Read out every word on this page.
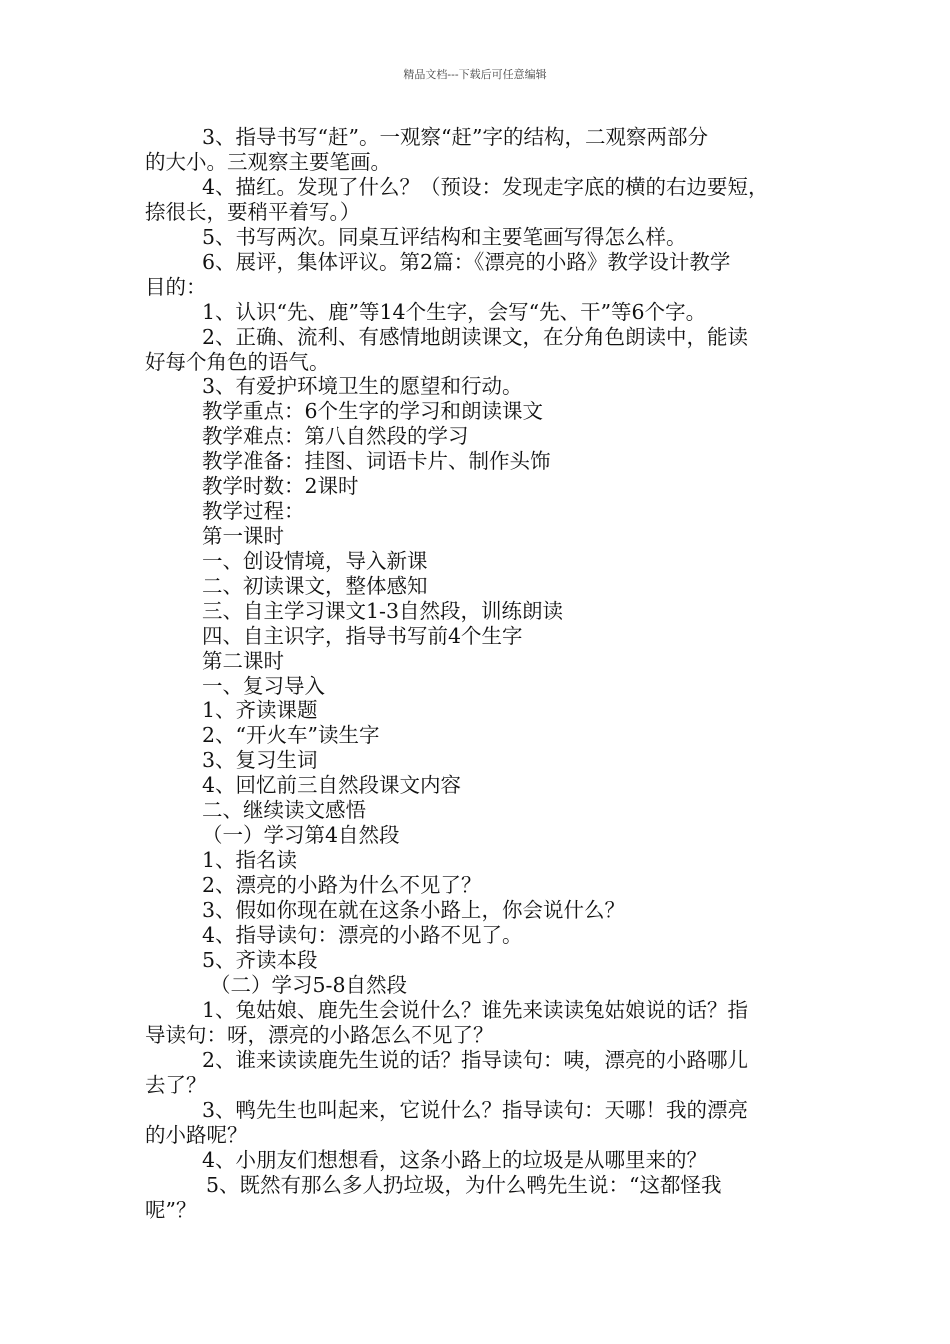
精品文档---下载后可任意编辑
3、指导书写“赶”。一观察“赶”字的结构，二观察两部分
的大小。三观察主要笔画。
4、描红。发现了什么？（预设：发现走字底的横的右边要短，
捺很长，要稍平着写。）
5、书写两次。同桌互评结构和主要笔画写得怎么样。
6、展评，集体评议。第2篇：《漂亮的小路》教学设计教学
目的：
1、认识“先、鹿”等14个生字，会写“先、干”等6个字。
2、正确、流利、有感情地朗读课文，在分角色朗读中，能读
好每个角色的语气。
3、有爱护环境卫生的愿望和行动。
教学重点：6个生字的学习和朗读课文
教学难点：第八自然段的学习
教学准备：挂图、词语卡片、制作头饰
教学时数：2课时
教学过程：
第一课时
一、创设情境，导入新课
二、初读课文，整体感知
三、自主学习课文1-3自然段，训练朗读
四、自主识字，指导书写前4个生字
第二课时
一、复习导入
1、齐读课题
2、“开火车”读生字
3、复习生词
4、回忆前三自然段课文内容
二、继续读文感悟
（一）学习第4自然段
1、指名读
2、漂亮的小路为什么不见了？
3、假如你现在就在这条小路上，你会说什么？
4、指导读句：漂亮的小路不见了。
5、齐读本段
（二）学习5-8自然段
1、兔姑娘、鹿先生会说什么？谁先来读读兔姑娘说的话？指
导读句：呀，漂亮的小路怎么不见了？
2、谁来读读鹿先生说的话？指导读句：咦，漂亮的小路哪儿
去了？
3、鸭先生也叫起来，它说什么？指导读句：天哪！我的漂亮
的小路呢？
4、小朋友们想想看，这条小路上的垃圾是从哪里来的？
5、既然有那么多人扔垃圾，为什么鸭先生说：“这都怪我
呢”？
